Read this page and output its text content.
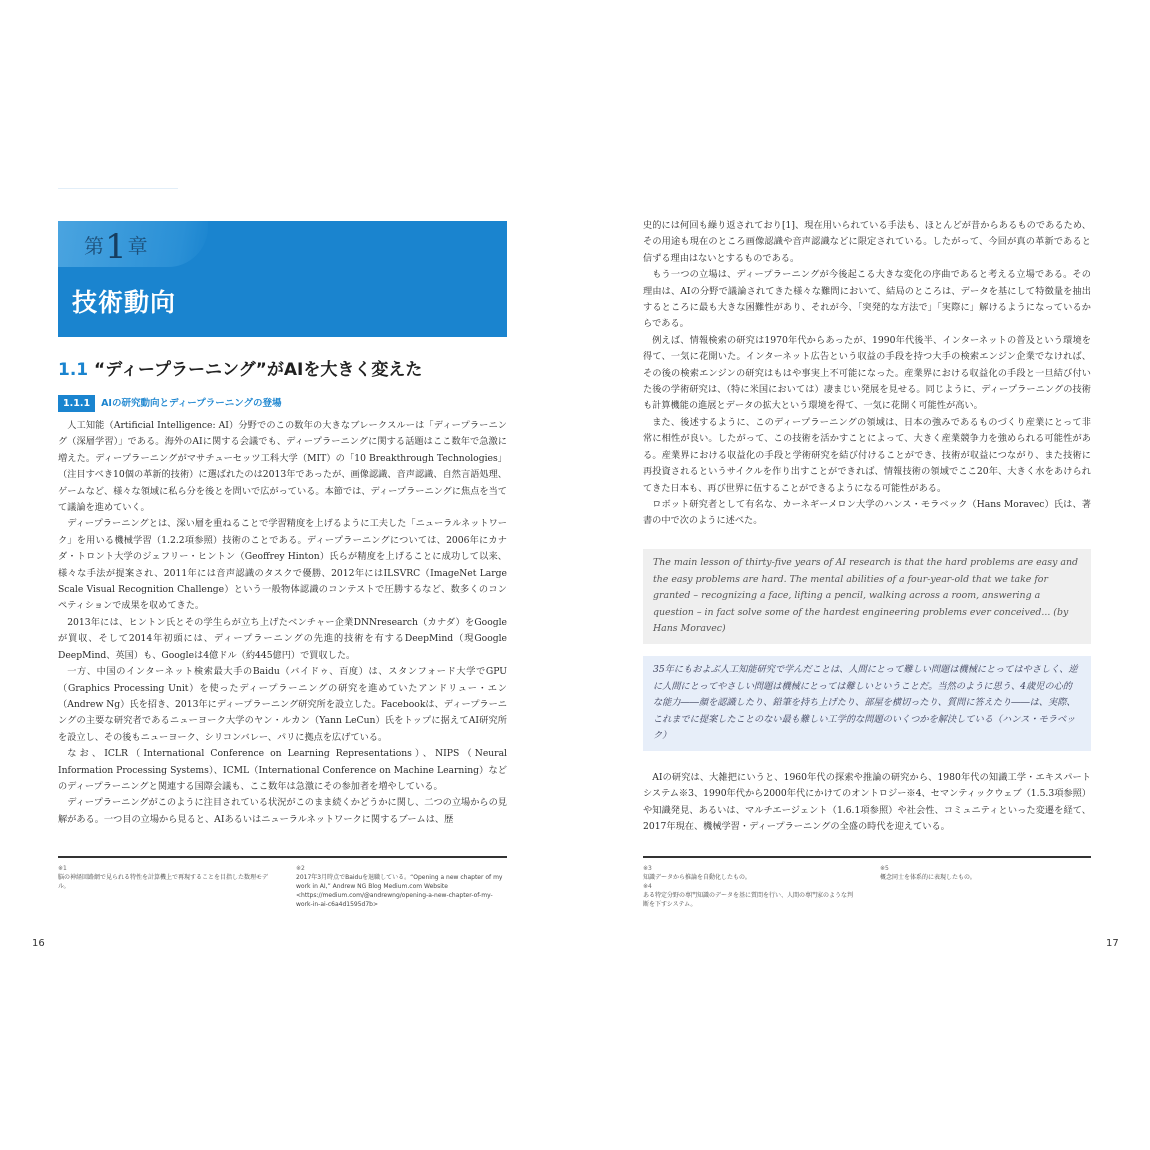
第1章
技術動向
1.1 “ディープラーニング”がAIを大きく変えた
1.1.1 AIの研究動向とディープラーニングの登場

人工知能（Artificial Intelligence: AI）分野でのこの数年の大きなブレークスルーは「ディープラーニング（深層学習）」である。海外のAIに関する会議でも、ディープラーニングに関する話題はここ数年で急激に増えた。ディープラーニングがマサチューセッツ工科大学（MIT）の「10 Breakthrough Technologies」（注目すべき10個の革新的技術）に選ばれたのは2013年であったが、画像認識、音声認識、自然言語処理、ゲームなど、様々な領域に私ら分を後とを問いで広がっている。本節では、ディープラーニングに焦点を当てて議論を進めていく。

ディープラーニングとは、深い層を重ねることで学習精度を上げるように工夫した「ニューラルネットワーク」を用いる機械学習（1.2.2項参照）技術のことである。ディープラーニングについては、2006年にカナダ・トロント大学のジェフリー・ヒントン（Geoffrey Hinton）氏らが精度を上げることに成功して以来、様々な手法が提案され、2011年には音声認識のタスクで優勝、2012年にはILSVRC（ImageNet Large Scale Visual Recognition Challenge）という一般物体認識のコンテストで圧勝するなど、数多くのコンペティションで成果を収めてきた。

2013年には、ヒントン氏とその学生らが立ち上げたベンチャー企業DNNresearch（カナダ）をGoogleが買収、そして2014年初頭には、ディープラーニングの先進的技術を有するDeepMind（現Google DeepMind、英国）も、Googleは4億ドル（約445億円）で買収した。

一方、中国のインターネット検索最大手のBaidu（バイドゥ、百度）は、スタンフォード大学でGPU（Graphics Processing Unit）を使ったディープラーニングの研究を進めていたアンドリュー・エン（Andrew Ng）氏を招き、2013年にディープラーニング研究所を設立した。Facebookは、ディープラーニングの主要な研究者であるニューヨーク大学のヤン・ルカン（Yann LeCun）氏をトップに据えてAI研究所を設立し、その後もニューヨーク、シリコンバレー、パリに拠点を広げている。

なお、ICLR（International Conference on Learning Representations）、NIPS（Neural Information Processing Systems）、ICML（International Conference on Machine Learning）などのディープラーニングと関連する国際会議も、ここ数年は急激にその参加者を増やしている。

ディープラーニングがこのように注目されている状況がこのまま続くかどうかに関し、二つの立場からの見解がある。一つ目の立場から見ると、AIあるいはニューラルネットワークに関するブームは、歴

※1
脳の神経回路網で見られる特性を計算機上で再現することを目指した数理モデル。
※2
2017年3月時点でBaiduを退職している。“Opening a new chapter of my work in AI,” Andrew NG Blog Medium.com Website <https://medium.com/@andrewng/opening-a-new-chapter-of-my-work-in-ai-c6a4d1595d7b>
16

史的には何回も繰り返されており[1]、現在用いられている手法も、ほとんどが昔からあるものであるため、その用途も現在のところ画像認識や音声認識などに限定されている。したがって、今回が真の革新であると信ずる理由はないとするものである。

もう一つの立場は、ディープラーニングが今後起こる大きな変化の序曲であると考える立場である。その理由は、AIの分野で議論されてきた様々な難問において、結局のところは、データを基にして特徴量を抽出するところに最も大きな困難性があり、それが今、「突発的な方法で」「実際に」解けるようになっているからである。

例えば、情報検索の研究は1970年代からあったが、1990年代後半、インターネットの普及という環境を得て、一気に花開いた。インターネット広告という収益の手段を持つ大手の検索エンジン企業でなければ、その後の検索エンジンの研究はもはや事実上不可能になった。産業界における収益化の手段と一旦結び付いた後の学術研究は、（特に米国においては）凄まじい発展を見せる。同じように、ディープラーニングの技術も計算機能の進展とデータの拡大という環境を得て、一気に花開く可能性が高い。

また、後述するように、このディープラーニングの領域は、日本の強みであるものづくり産業にとって非常に相性が良い。したがって、この技術を活かすことによって、大きく産業競争力を強められる可能性がある。産業界における収益化の手段と学術研究を結び付けることができ、技術が収益につながり、また技術に再投資されるというサイクルを作り出すことができれば、情報技術の領域でここ20年、大きく水をあけられてきた日本も、再び世界に伍することができるようになる可能性がある。

ロボット研究者として有名な、カーネギーメロン大学のハンス・モラベック（Hans Moravec）氏は、著書の中で次のように述べた。

The main lesson of thirty-five years of AI research is that the hard problems are easy and the easy problems are hard. The mental abilities of a four-year-old that we take for granted – recognizing a face, lifting a pencil, walking across a room, answering a question – in fact solve some of the hardest engineering problems ever conceived... (by Hans Moravec)
35年にもおよぶ人工知能研究で学んだことは、人間にとって難しい問題は機械にとってはやさしく、逆に人間にとってやさしい問題は機械にとっては難しいということだ。当然のように思う、4歳児の心的な能力――顔を認識したり、鉛筆を持ち上げたり、部屋を横切ったり、質問に答えたり――は、実際、これまでに提案したことのない最も難しい工学的な問題のいくつかを解決している（ハンス・モラベック）

AIの研究は、大雑把にいうと、1960年代の探索や推論の研究から、1980年代の知識工学・エキスパートシステム※3、1990年代から2000年代にかけてのオントロジー※4、セマンティックウェブ（1.5.3項参照）や知識発見、あるいは、マルチエージェント（1.6.1項参照）や社会性、コミュニティといった変遷を経て、2017年現在、機械学習・ディープラーニングの全盛の時代を迎えている。

※3
知識データから推論を自動化したもの。
※4
ある特定分野の専門知識のデータを基に質問を行い、人間の専門家のような判断を下すシステム。
※5
概念同士を体系的に表現したもの。
17
